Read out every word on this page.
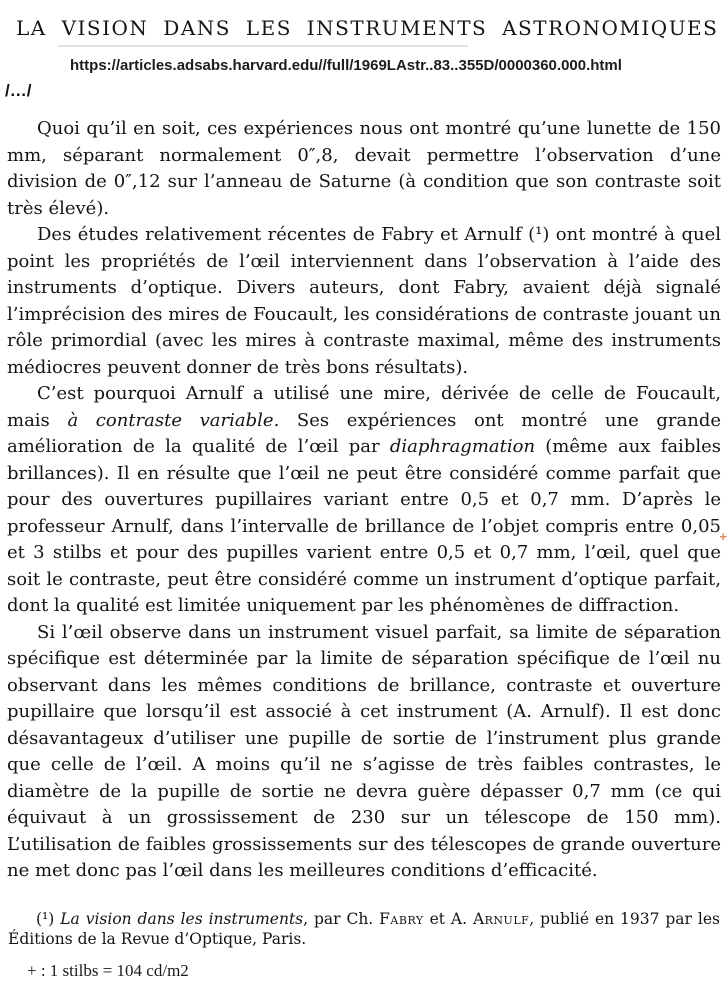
LA VISION DANS LES INSTRUMENTS ASTRONOMIQUES
https://articles.adsabs.harvard.edu//full/1969LAstr..83..355D/0000360.000.html
/…/

Quoi qu’il en soit, ces expériences nous ont montré qu’une lunette de 150 mm, séparant normalement 0″,8, devait permettre l’observation d’une division de 0″,12 sur l’anneau de Saturne (à condition que son contraste soit très élevé).

Des études relativement récentes de Fabry et Arnulf (¹) ont montré à quel point les propriétés de l’œil interviennent dans l’observation à l’aide des instruments d’optique. Divers auteurs, dont Fabry, avaient déjà signalé l’imprécision des mires de Foucault, les considérations de contraste jouant un rôle primordial (avec les mires à contraste maximal, même des instruments médiocres peuvent donner de très bons résultats).

C’est pourquoi Arnulf a utilisé une mire, dérivée de celle de Foucault, mais à contraste variable. Ses expériences ont montré une grande amélioration de la qualité de l’œil par diaphragmation (même aux faibles brillances). Il en résulte que l’œil ne peut être considéré comme parfait que pour des ouvertures pupillaires variant entre 0,5 et 0,7 mm. D’après le professeur Arnulf, dans l’intervalle de brillance de l’objet compris entre 0,05 et 3 stilbs et pour des pupilles varient entre 0,5 et 0,7 mm, l’œil, quel que soit le contraste, peut être considéré comme un instrument d’optique parfait, dont la qualité est limitée uniquement par les phénomènes de diffraction.

Si l’œil observe dans un instrument visuel parfait, sa limite de séparation spécifique est déterminée par la limite de séparation spécifique de l’œil nu observant dans les mêmes conditions de brillance, contraste et ouverture pupillaire que lorsqu’il est associé à cet instrument (A. Arnulf). Il est donc désavantageux d’utiliser une pupille de sortie de l’instrument plus grande que celle de l’œil. A moins qu’il ne s’agisse de très faibles contrastes, le diamètre de la pupille de sortie ne devra guère dépasser 0,7 mm (ce qui équivaut à un grossissement de 230 sur un télescope de 150 mm). L’utilisation de faibles grossissements sur des télescopes de grande ouverture ne met donc pas l’œil dans les meilleures conditions d’efficacité.

(¹) La vision dans les instruments, par Ch. Fabry et A. Arnulf, publié en 1937 par les Éditions de la Revue d’Optique, Paris.
+ : 1 stilbs = 104 cd/m2
+
